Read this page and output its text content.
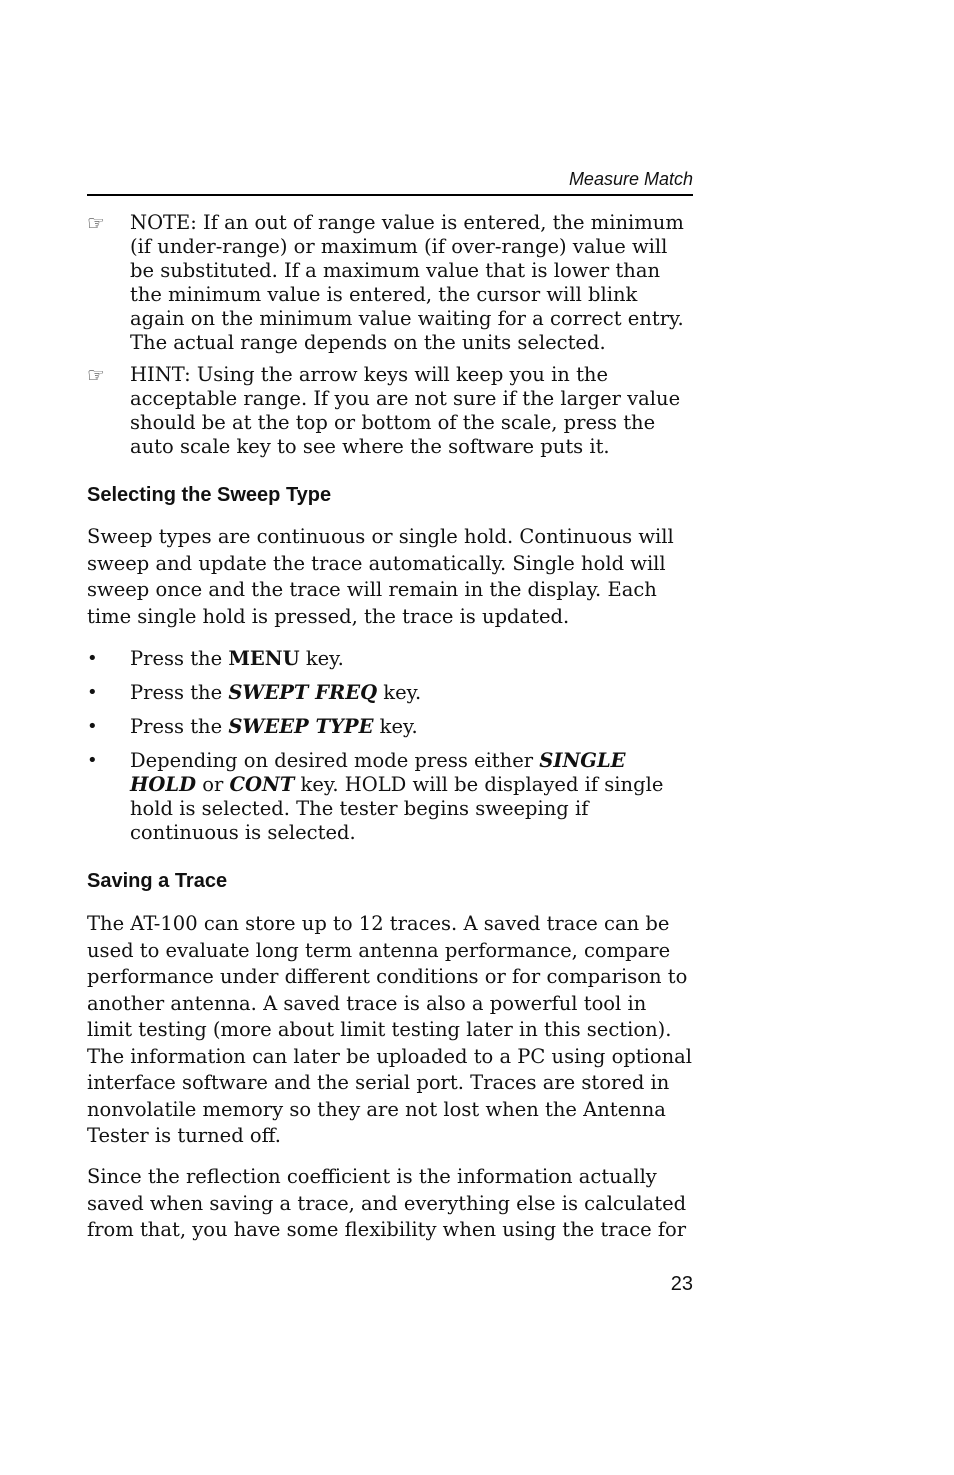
Measure Match
☞ NOTE: If an out of range value is entered, the minimum (if under-range) or maximum (if over-range) value will be substituted. If a maximum value that is lower than the minimum value is entered, the cursor will blink again on the minimum value waiting for a correct entry. The actual range depends on the units selected.
☞ HINT: Using the arrow keys will keep you in the acceptable range. If you are not sure if the larger value should be at the top or bottom of the scale, press the auto scale key to see where the software puts it.
Selecting the Sweep Type
Sweep types are continuous or single hold. Continuous will sweep and update the trace automatically. Single hold will sweep once and the trace will remain in the display. Each time single hold is pressed, the trace is updated.
• Press the MENU key.
• Press the SWEPT FREQ key.
• Press the SWEEP TYPE key.
• Depending on desired mode press either SINGLE HOLD or CONT key. HOLD will be displayed if single hold is selected. The tester begins sweeping if continuous is selected.
Saving a Trace
The AT-100 can store up to 12 traces. A saved trace can be used to evaluate long term antenna performance, compare performance under different conditions or for comparison to another antenna. A saved trace is also a powerful tool in limit testing (more about limit testing later in this section). The information can later be uploaded to a PC using optional interface software and the serial port. Traces are stored in nonvolatile memory so they are not lost when the Antenna Tester is turned off.
Since the reflection coefficient is the information actually saved when saving a trace, and everything else is calculated from that, you have some flexibility when using the trace for
23
